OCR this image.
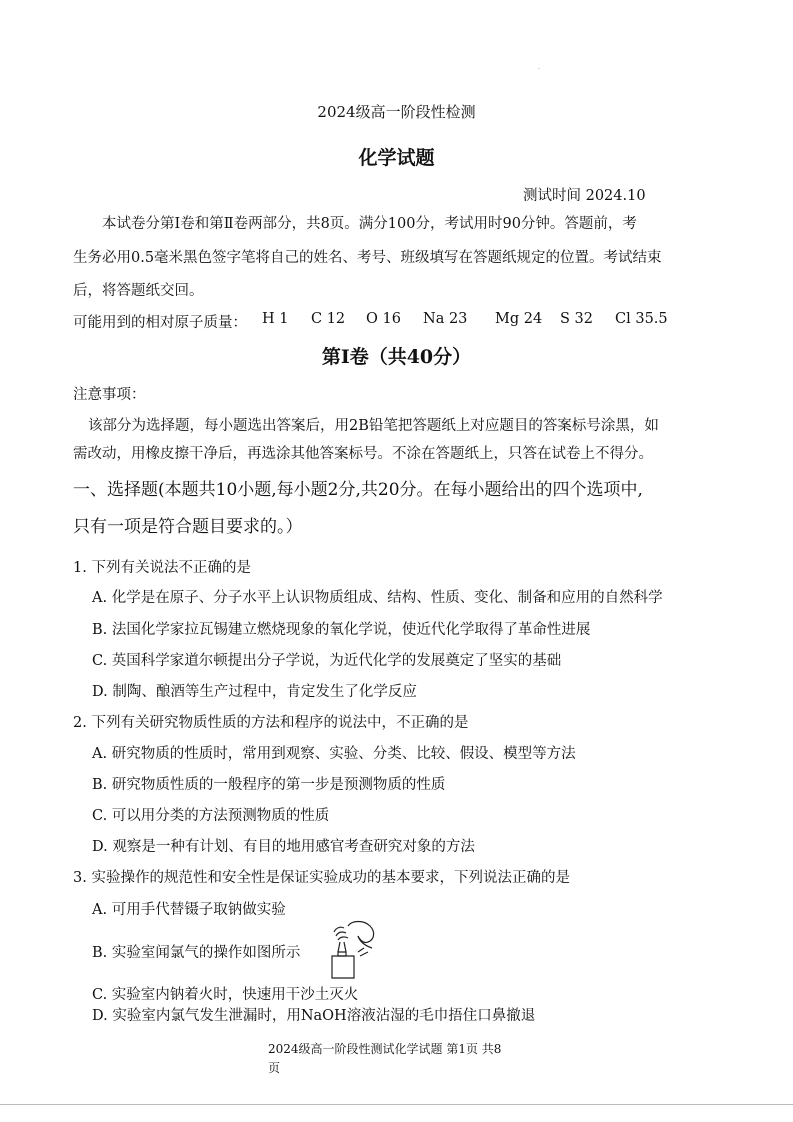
.
2024级高一阶段性检测
化学试题
测试时间 2024.10
本试卷分第Ⅰ卷和第Ⅱ卷两部分，共8页。满分100分，考试用时90分钟。答题前，考
生务必用0.5毫米黑色签字笔将自己的姓名、考号、班级填写在答题纸规定的位置。考试结束
后，将答题纸交回。
可能用到的相对原子质量： H 1 C 12 O 16 Na 23 Mg 24 S 32 Cl 35.5
第Ⅰ卷（共40分）
注意事项：
该部分为选择题，每小题选出答案后，用2B铅笔把答题纸上对应题目的答案标号涂黑，如
需改动，用橡皮擦干净后，再选涂其他答案标号。不涂在答题纸上，只答在试卷上不得分。
一、选择题(本题共10小题,每小题2分,共20分。在每小题给出的四个选项中,
只有一项是符合题目要求的。）
1. 下列有关说法不正确的是
A. 化学是在原子、分子水平上认识物质组成、结构、性质、变化、制备和应用的自然科学
B. 法国化学家拉瓦锡建立燃烧现象的氧化学说，使近代化学取得了革命性进展
C. 英国科学家道尔顿提出分子学说，为近代化学的发展奠定了坚实的基础
D. 制陶、酿酒等生产过程中，肯定发生了化学反应
2. 下列有关研究物质性质的方法和程序的说法中，不正确的是
A. 研究物质的性质时，常用到观察、实验、分类、比较、假设、模型等方法
B. 研究物质性质的一般程序的第一步是预测物质的性质
C. 可以用分类的方法预测物质的性质
D. 观察是一种有计划、有目的地用感官考查研究对象的方法
3. 实验操作的规范性和安全性是保证实验成功的基本要求，下列说法正确的是
A. 可用手代替镊子取钠做实验
B. 实验室闻氯气的操作如图所示
C. 实验室内钠着火时，快速用干沙土灭火
D. 实验室内氯气发生泄漏时，用NaOH溶液沾湿的毛巾捂住口鼻撤退
2024级高一阶段性测试化学试题 第1页 共8
页
